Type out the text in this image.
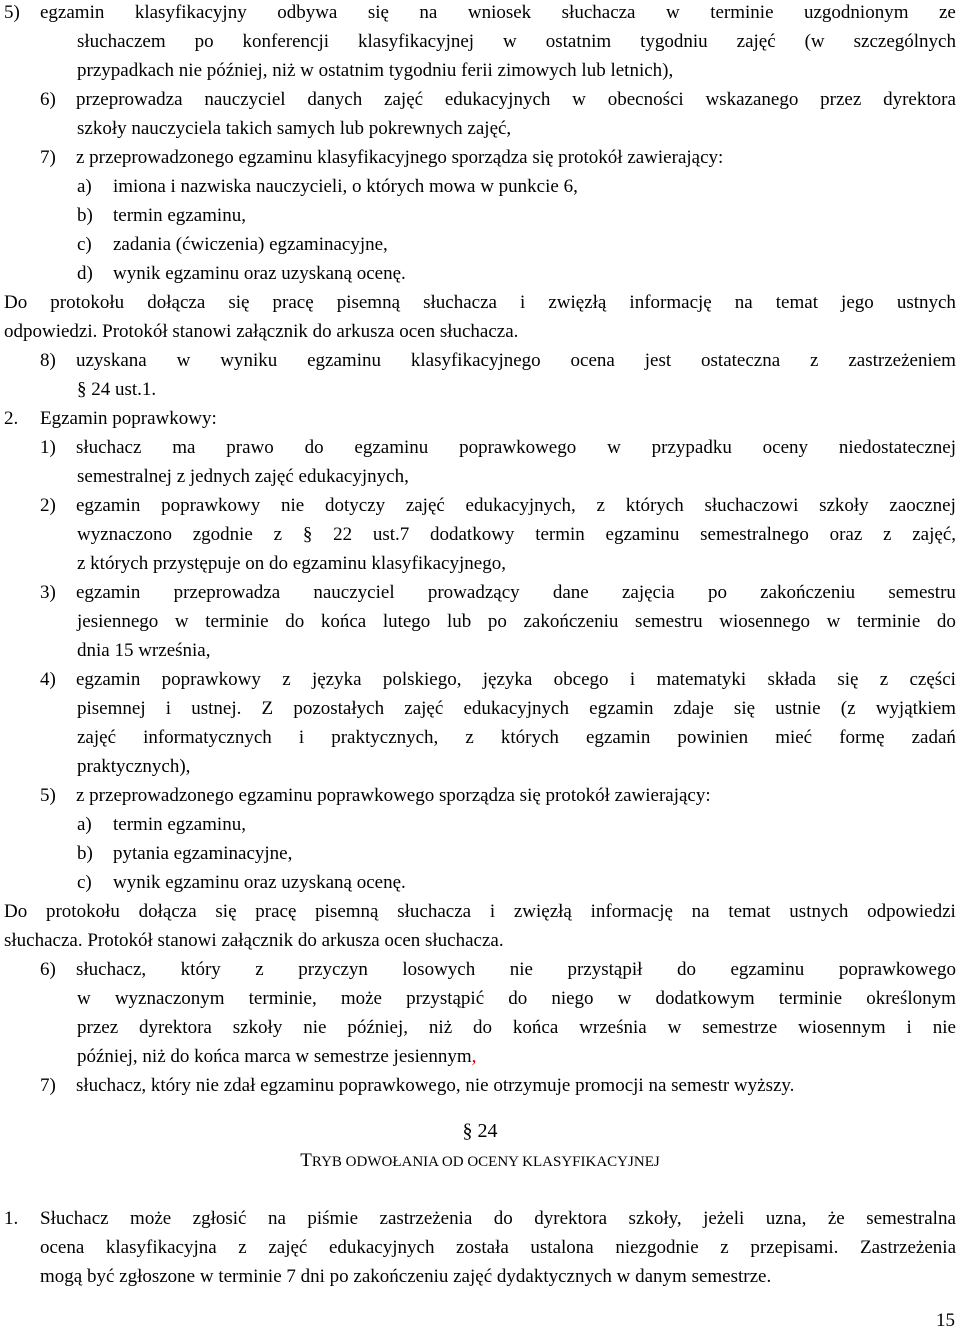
§ 24
TRYB ODWOŁANIA OD OCENY KLASYFIKACYJNEJ
15
5)	egzamin klasyfikacyjny odbywa się na wniosek słuchacza w terminie uzgodnionym ze
słuchaczem po konferencji klasyfikacyjnej w ostatnim tygodniu zajęć (w szczególnych
przypadkach nie później, niż w ostatnim tygodniu ferii zimowych lub letnich),
6)	przeprowadza nauczyciel danych zajęć edukacyjnych w obecności wskazanego przez dyrektora
szkoły nauczyciela takich samych lub pokrewnych zajęć,
7)	z przeprowadzonego egzaminu klasyfikacyjnego sporządza się protokół zawierający:
a)	imiona i nazwiska nauczycieli, o których mowa w punkcie 6,
b)	termin egzaminu,
c)	zadania (ćwiczenia) egzaminacyjne,
d)	wynik egzaminu oraz uzyskaną ocenę.
Do protokołu dołącza się pracę pisemną słuchacza i zwięzłą informację na temat jego ustnych
odpowiedzi. Protokół stanowi załącznik do arkusza ocen słuchacza.
8)	uzyskana w wyniku egzaminu klasyfikacyjnego ocena jest ostateczna z zastrzeżeniem
§ 24 ust.1.
2.	Egzamin poprawkowy:
1)	słuchacz ma prawo do egzaminu poprawkowego w przypadku oceny niedostatecznej
semestralnej z jednych zajęć edukacyjnych,
2)	egzamin poprawkowy nie dotyczy zajęć edukacyjnych, z których słuchaczowi szkoły zaocznej
wyznaczono zgodnie z § 22 ust.7 dodatkowy termin egzaminu semestralnego oraz z zajęć,
z których przystępuje on do egzaminu klasyfikacyjnego,
3)	egzamin przeprowadza nauczyciel prowadzący dane zajęcia po zakończeniu semestru
jesiennego w terminie do końca lutego lub po zakończeniu semestru wiosennego w terminie do
dnia 15 września,
4)	egzamin poprawkowy z języka polskiego, języka obcego i matematyki składa się z części
pisemnej i ustnej. Z pozostałych zajęć edukacyjnych egzamin zdaje się ustnie (z wyjątkiem
zajęć informatycznych i praktycznych, z których egzamin powinien mieć formę zadań
praktycznych),
5)	z przeprowadzonego egzaminu poprawkowego sporządza się protokół zawierający:
a)	termin egzaminu,
b)	pytania egzaminacyjne,
c)	wynik egzaminu oraz uzyskaną ocenę.
Do protokołu dołącza się pracę pisemną słuchacza i zwięzłą informację na temat ustnych odpowiedzi
słuchacza. Protokół stanowi załącznik do arkusza ocen słuchacza.
6)	słuchacz, który z przyczyn losowych nie przystąpił do egzaminu poprawkowego
w wyznaczonym terminie, może przystąpić do niego w dodatkowym terminie określonym
przez dyrektora szkoły nie później, niż do końca września w semestrze wiosennym i nie
później, niż do końca marca w semestrze jesiennym,
7)	słuchacz, który nie zdał egzaminu poprawkowego, nie otrzymuje promocji na semestr wyższy.
1.	Słuchacz może zgłosić na piśmie zastrzeżenia do dyrektora szkoły, jeżeli uzna, że semestralna
ocena klasyfikacyjna z zajęć edukacyjnych została ustalona niezgodnie z przepisami. Zastrzeżenia
mogą być zgłoszone w terminie 7 dni po zakończeniu zajęć dydaktycznych w danym semestrze.
